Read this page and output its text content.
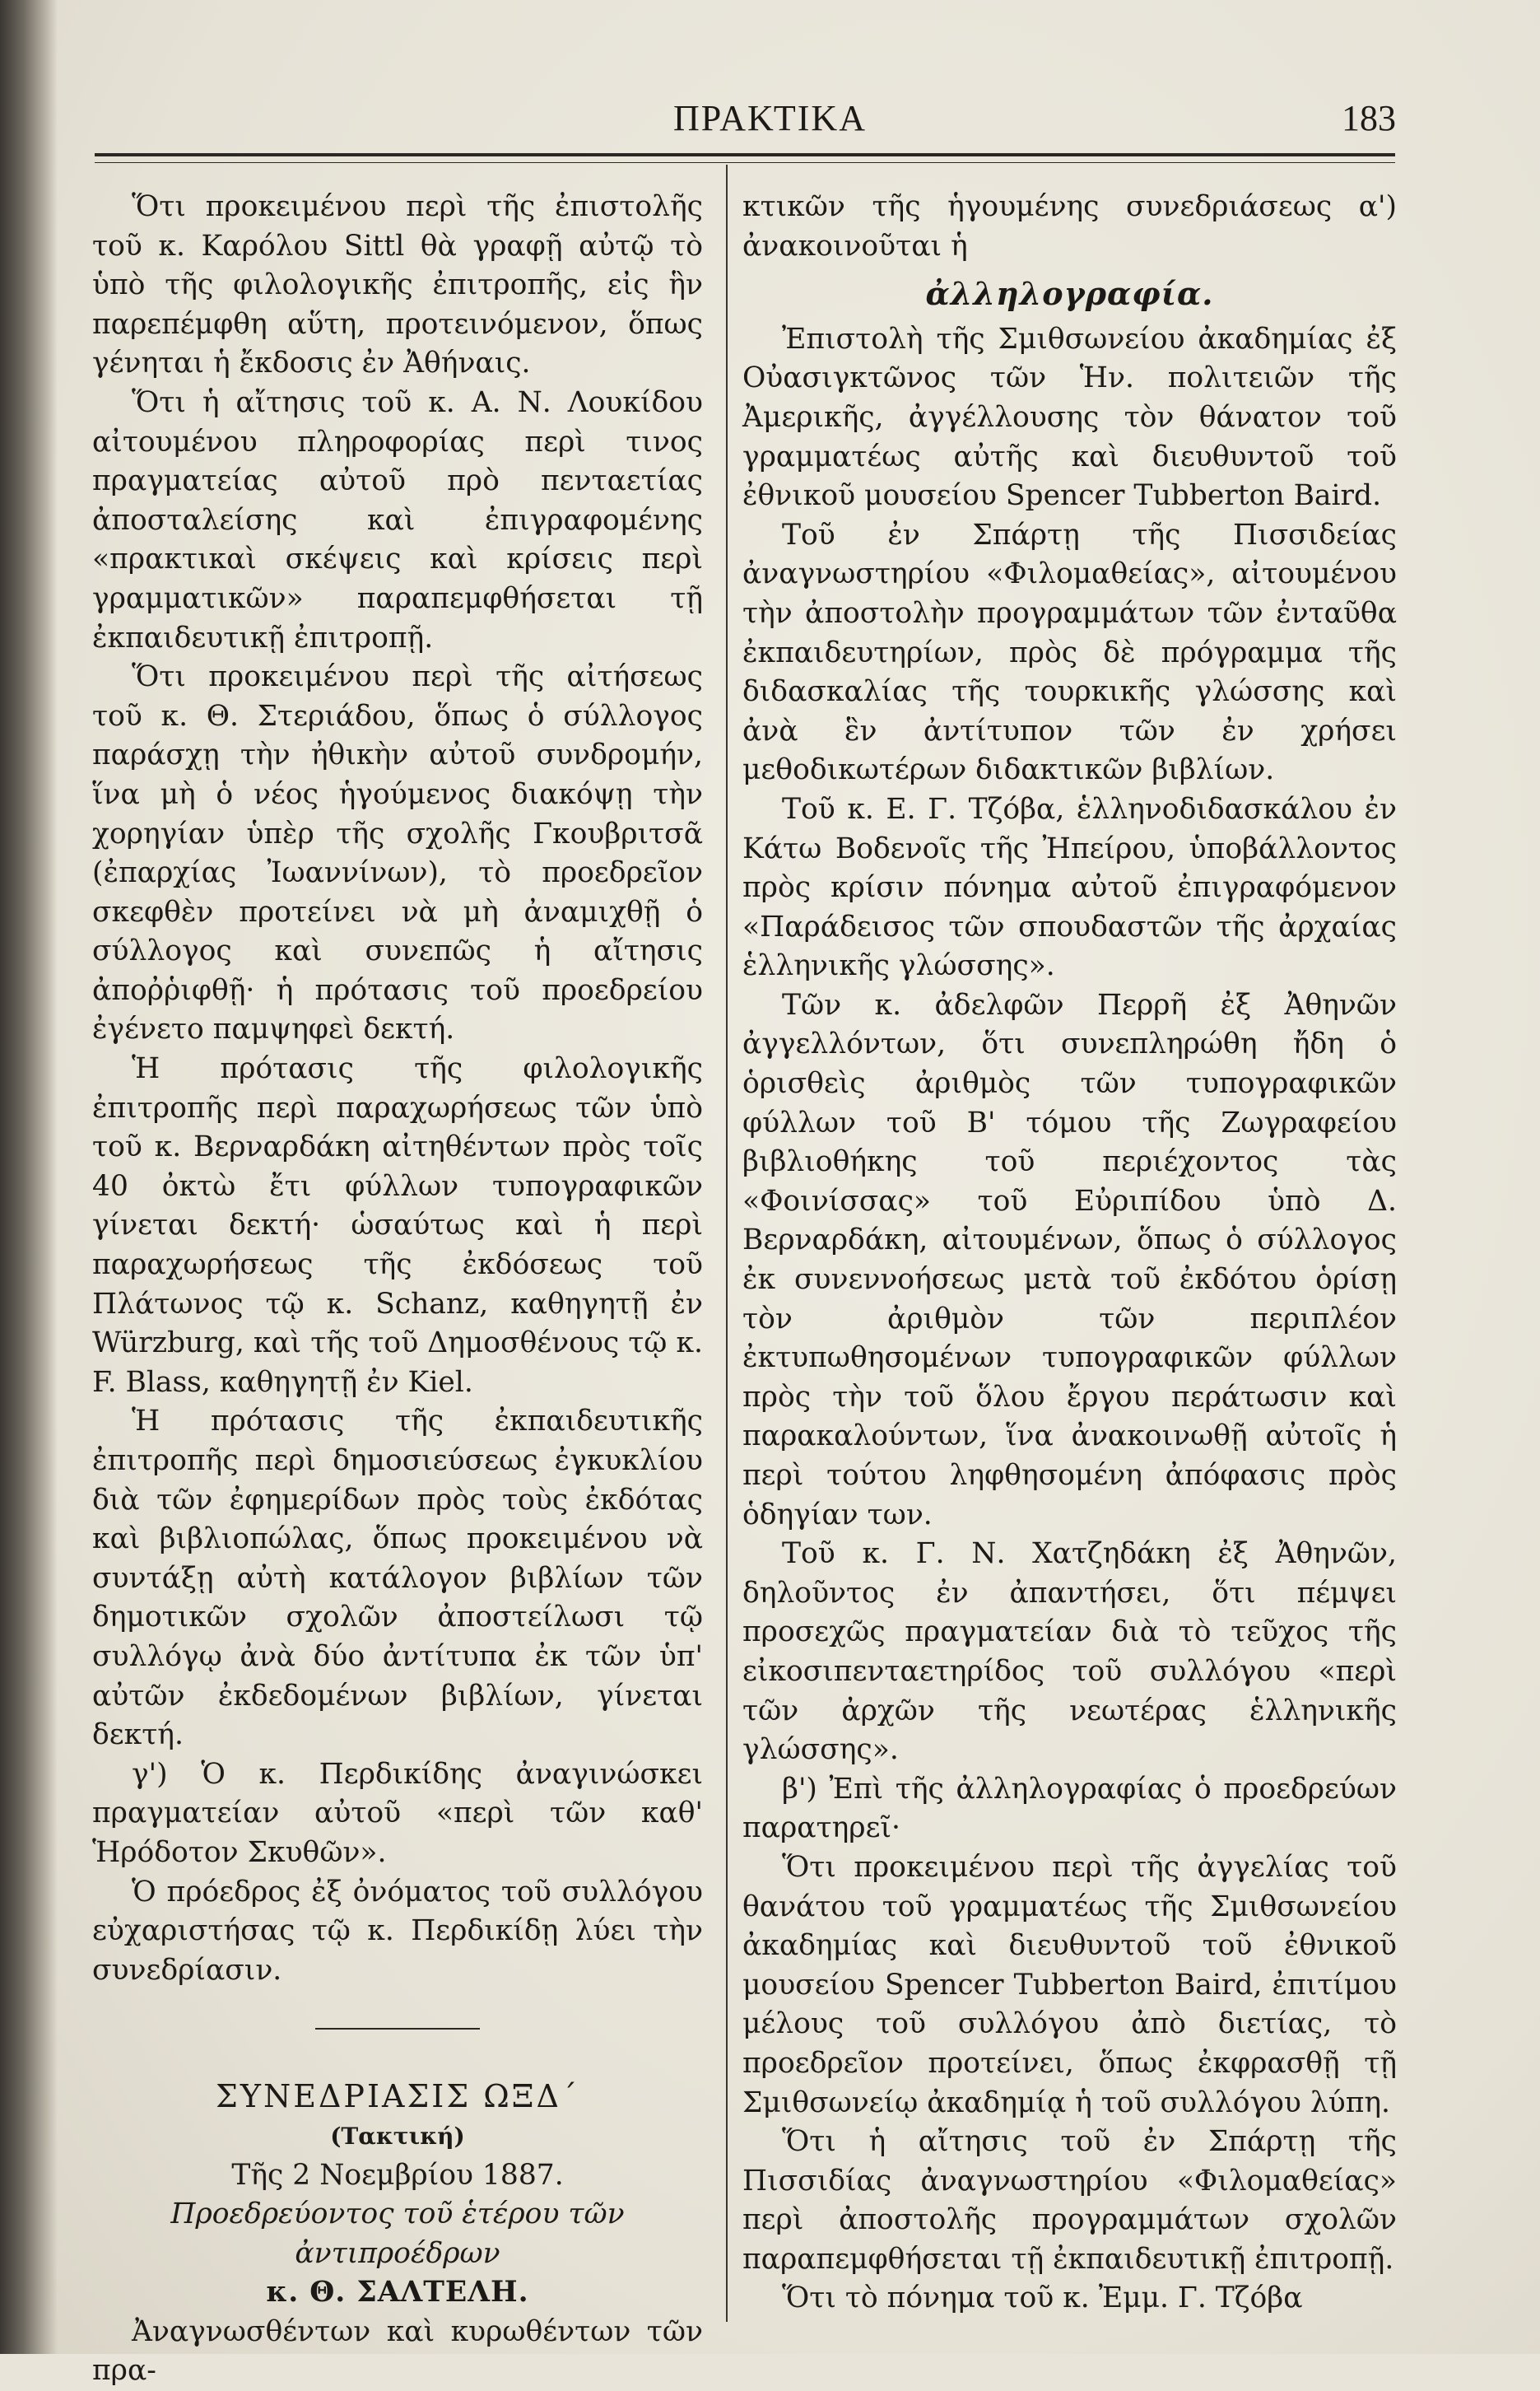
ΠΡΑΚΤΙΚΑ	183

Ὅτι προκειμένου περὶ τῆς ἐπιστολῆς τοῦ κ. Καρόλου Sittl θὰ γραφῇ αὐτῷ τὸ ὑπὸ τῆς φιλολογικῆς ἐπιτροπῆς, εἰς ἣν παρεπέμφθη αὕτη, προτεινόμενον, ὅπως γένηται ἡ ἔκδοσις ἐν Ἀθήναις.

Ὅτι ἡ αἴτησις τοῦ κ. Α. Ν. Λουκίδου αἰτουμένου πληροφορίας περὶ τινος πραγματείας αὐτοῦ πρὸ πενταετίας ἀποσταλείσης καὶ ἐπιγραφομένης «πρακτικαὶ σκέψεις καὶ κρίσεις περὶ γραμματικῶν» παραπεμφθήσεται τῇ ἐκπαιδευτικῇ ἐπιτροπῇ.

Ὅτι προκειμένου περὶ τῆς αἰτήσεως τοῦ κ. Θ. Στεριάδου, ὅπως ὁ σύλλογος παράσχῃ τὴν ἠθικὴν αὐτοῦ συνδρομήν, ἵνα μὴ ὁ νέος ἡγούμενος διακόψῃ τὴν χορηγίαν ὑπὲρ τῆς σχολῆς Γκουβριτσᾶ (ἐπαρχίας Ἰωαννίνων), τὸ προεδρεῖον σκεφθὲν προτείνει νὰ μὴ ἀναμιχθῇ ὁ σύλλογος καὶ συνεπῶς ἡ αἴτησις ἀποῤῥιφθῇ· ἡ πρότασις τοῦ προεδρείου ἐγένετο παμψηφεὶ δεκτή.

Ἡ πρότασις τῆς φιλολογικῆς ἐπιτροπῆς περὶ παραχωρήσεως τῶν ὑπὸ τοῦ κ. Βερναρδάκη αἰτηθέντων πρὸς τοῖς 40 ὀκτὼ ἔτι φύλλων τυπογραφικῶν γίνεται δεκτή· ὡσαύτως καὶ ἡ περὶ παραχωρήσεως τῆς ἐκδόσεως τοῦ Πλάτωνος τῷ κ. Schanz, καθηγητῇ ἐν Würzburg, καὶ τῆς τοῦ Δημοσθένους τῷ κ. F. Blass, καθηγητῇ ἐν Kiel.

Ἡ πρότασις τῆς ἐκπαιδευτικῆς ἐπιτροπῆς περὶ δημοσιεύσεως ἐγκυκλίου διὰ τῶν ἐφημερίδων πρὸς τοὺς ἐκδότας καὶ βιβλιοπώλας, ὅπως προκειμένου νὰ συντάξῃ αὐτὴ κατάλογον βιβλίων τῶν δημοτικῶν σχολῶν ἀποστείλωσι τῷ συλλόγῳ ἀνὰ δύο ἀντίτυπα ἐκ τῶν ὑπ' αὐτῶν ἐκδεδομένων βιβλίων, γίνεται δεκτή.

γ') Ὁ κ. Περδικίδης ἀναγινώσκει πραγματείαν αὐτοῦ «περὶ τῶν καθ' Ἡρόδοτον Σκυθῶν».

Ὁ πρόεδρος ἐξ ὀνόματος τοῦ συλλόγου εὐχαριστήσας τῷ κ. Περδικίδῃ λύει τὴν συνεδρίασιν.

ΣΥΝΕΔΡΙΑΣΙΣ ΩΞΔ΄

(Τακτική)

Τῆς 2 Νοεμβρίου 1887.

Προεδρεύοντος τοῦ ἑτέρου τῶν ἀντιπροέδρων

κ. Θ. ΣΑΛΤΕΛΗ.

Ἀναγνωσθέντων καὶ κυρωθέντων τῶν πρα-

κτικῶν τῆς ἡγουμένης συνεδριάσεως α') ἀνακοινοῦται ἡ

ἀλληλογραφία.

Ἐπιστολὴ τῆς Σμιθσωνείου ἀκαδημίας ἐξ Οὐασιγκτῶνος τῶν Ἡν. πολιτειῶν τῆς Ἀμερικῆς, ἀγγέλλουσης τὸν θάνατον τοῦ γραμματέως αὐτῆς καὶ διευθυντοῦ τοῦ ἐθνικοῦ μουσείου Spencer Tubberton Baird.

Τοῦ ἐν Σπάρτῃ τῆς Πισσιδείας ἀναγνωστηρίου «Φιλομαθείας», αἰτουμένου τὴν ἀποστολὴν προγραμμάτων τῶν ἐνταῦθα ἐκπαιδευτηρίων, πρὸς δὲ πρόγραμμα τῆς διδασκαλίας τῆς τουρκικῆς γλώσσης καὶ ἀνὰ ἓν ἀντίτυπον τῶν ἐν χρήσει μεθοδικωτέρων διδακτικῶν βιβλίων.

Τοῦ κ. Ε. Γ. Τζόβα, ἑλληνοδιδασκάλου ἐν Κάτω Βοδενοῖς τῆς Ἠπείρου, ὑποβάλλοντος πρὸς κρίσιν πόνημα αὐτοῦ ἐπιγραφόμενον «Παράδεισος τῶν σπουδαστῶν τῆς ἀρχαίας ἑλληνικῆς γλώσσης».

Τῶν κ. ἀδελφῶν Περρῆ ἐξ Ἀθηνῶν ἀγγελλόντων, ὅτι συνεπληρώθη ἤδη ὁ ὁρισθεὶς ἀριθμὸς τῶν τυπογραφικῶν φύλλων τοῦ Β' τόμου τῆς Ζωγραφείου βιβλιοθήκης τοῦ περιέχοντος τὰς «Φοινίσσας» τοῦ Εὐριπίδου ὑπὸ Δ. Βερναρδάκη, αἰτουμένων, ὅπως ὁ σύλλογος ἐκ συνεννοήσεως μετὰ τοῦ ἐκδότου ὁρίσῃ τὸν ἀριθμὸν τῶν περιπλέον ἐκτυπωθησομένων τυπογραφικῶν φύλλων πρὸς τὴν τοῦ ὅλου ἔργου περάτωσιν καὶ παρακαλούντων, ἵνα ἀνακοινωθῇ αὐτοῖς ἡ περὶ τούτου ληφθησομένη ἀπόφασις πρὸς ὁδηγίαν των.

Τοῦ κ. Γ. Ν. Χατζηδάκη ἐξ Ἀθηνῶν, δηλοῦντος ἐν ἀπαντήσει, ὅτι πέμψει προσεχῶς πραγματείαν διὰ τὸ τεῦχος τῆς εἰκοσιπενταετηρίδος τοῦ συλλόγου «περὶ τῶν ἀρχῶν τῆς νεωτέρας ἑλληνικῆς γλώσσης».

β') Ἐπὶ τῆς ἀλληλογραφίας ὁ προεδρεύων παρατηρεῖ·

Ὅτι προκειμένου περὶ τῆς ἀγγελίας τοῦ θανάτου τοῦ γραμματέως τῆς Σμιθσωνείου ἀκαδημίας καὶ διευθυντοῦ τοῦ ἐθνικοῦ μουσείου Spencer Tubberton Baird, ἐπιτίμου μέλους τοῦ συλλόγου ἀπὸ διετίας, τὸ προεδρεῖον προτείνει, ὅπως ἐκφρασθῇ τῇ Σμιθσωνείῳ ἀκαδημίᾳ ἡ τοῦ συλλόγου λύπη.

Ὅτι ἡ αἴτησις τοῦ ἐν Σπάρτῃ τῆς Πισσιδίας ἀναγνωστηρίου «Φιλομαθείας» περὶ ἀποστολῆς προγραμμάτων σχολῶν παραπεμφθήσεται τῇ ἐκπαιδευτικῇ ἐπιτροπῇ.

Ὅτι τὸ πόνημα τοῦ κ. Ἐμμ. Γ. Τζόβα
